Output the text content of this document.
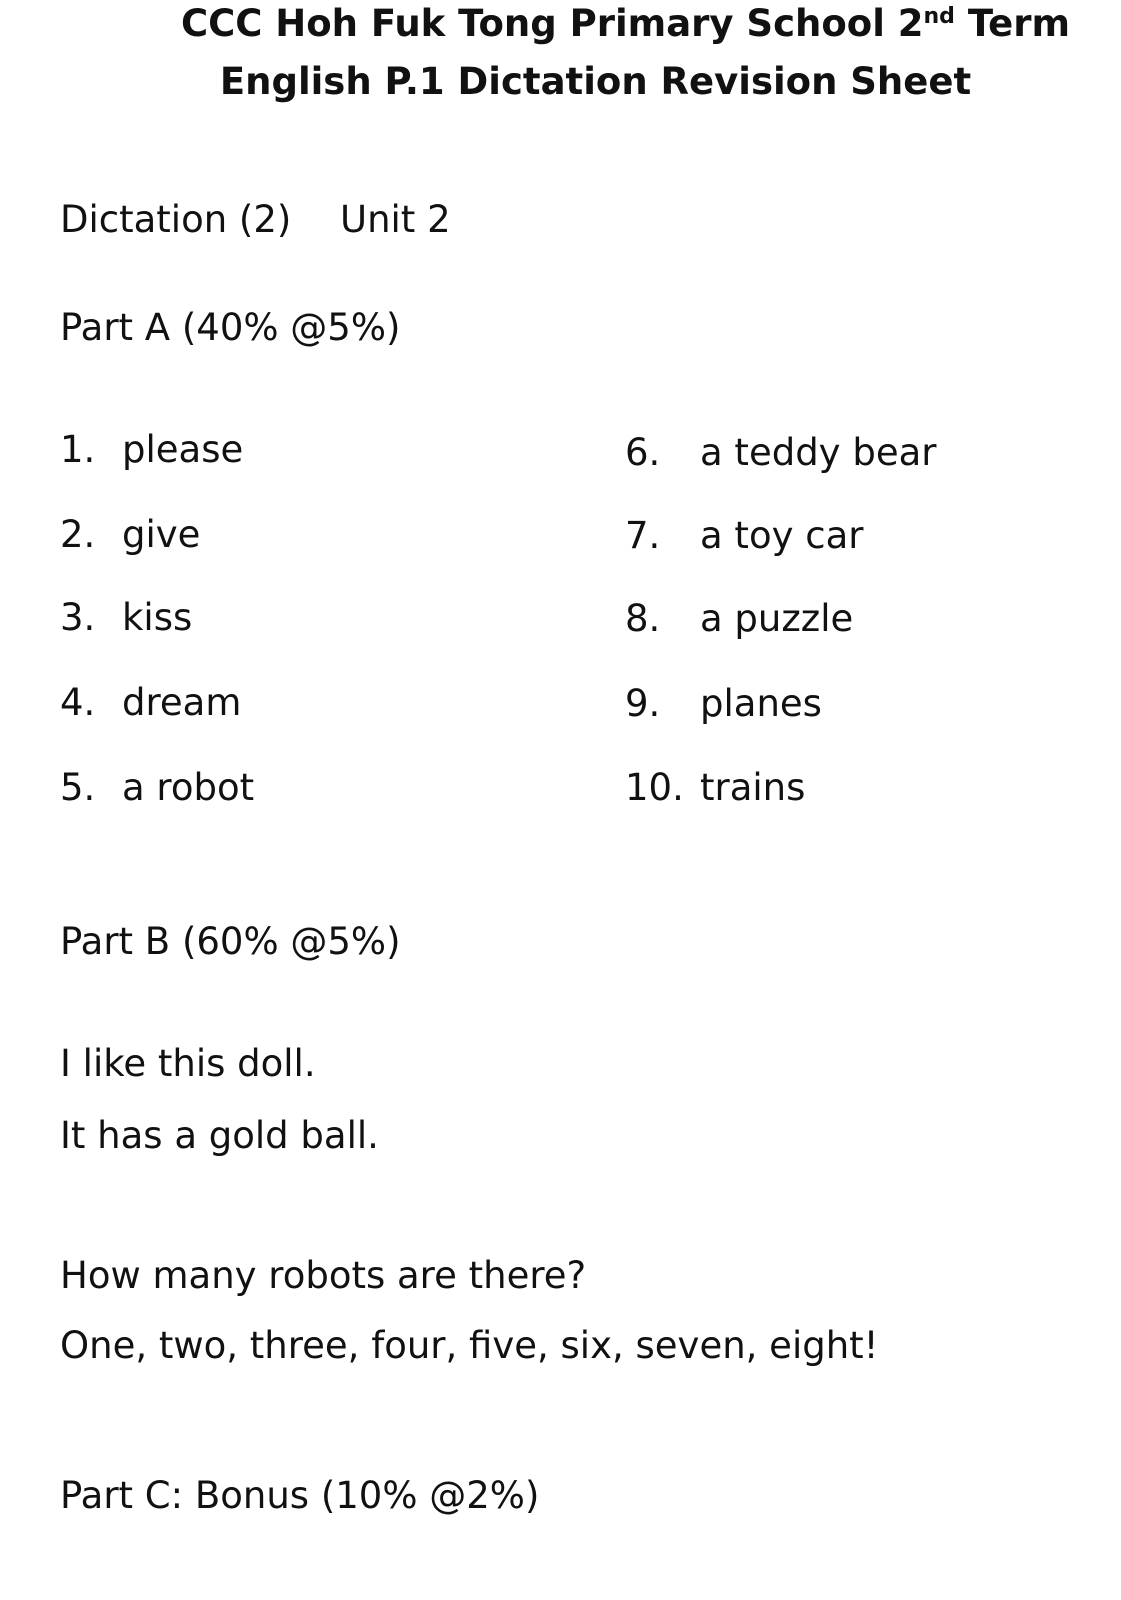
CCC Hoh Fuk Tong Primary School 2nd Term
English P.1 Dictation Revision Sheet
Dictation (2) Unit 2
Part A (40% @5%)
1. please
2. give
3. kiss
4. dream
5. a robot
6. a teddy bear
7. a toy car
8. a puzzle
9. planes
10. trains
Part B (60% @5%)
I like this doll.
It has a gold ball.
How many robots are there?
One, two, three, four, five, six, seven, eight!
Part C: Bonus (10% @2%)
